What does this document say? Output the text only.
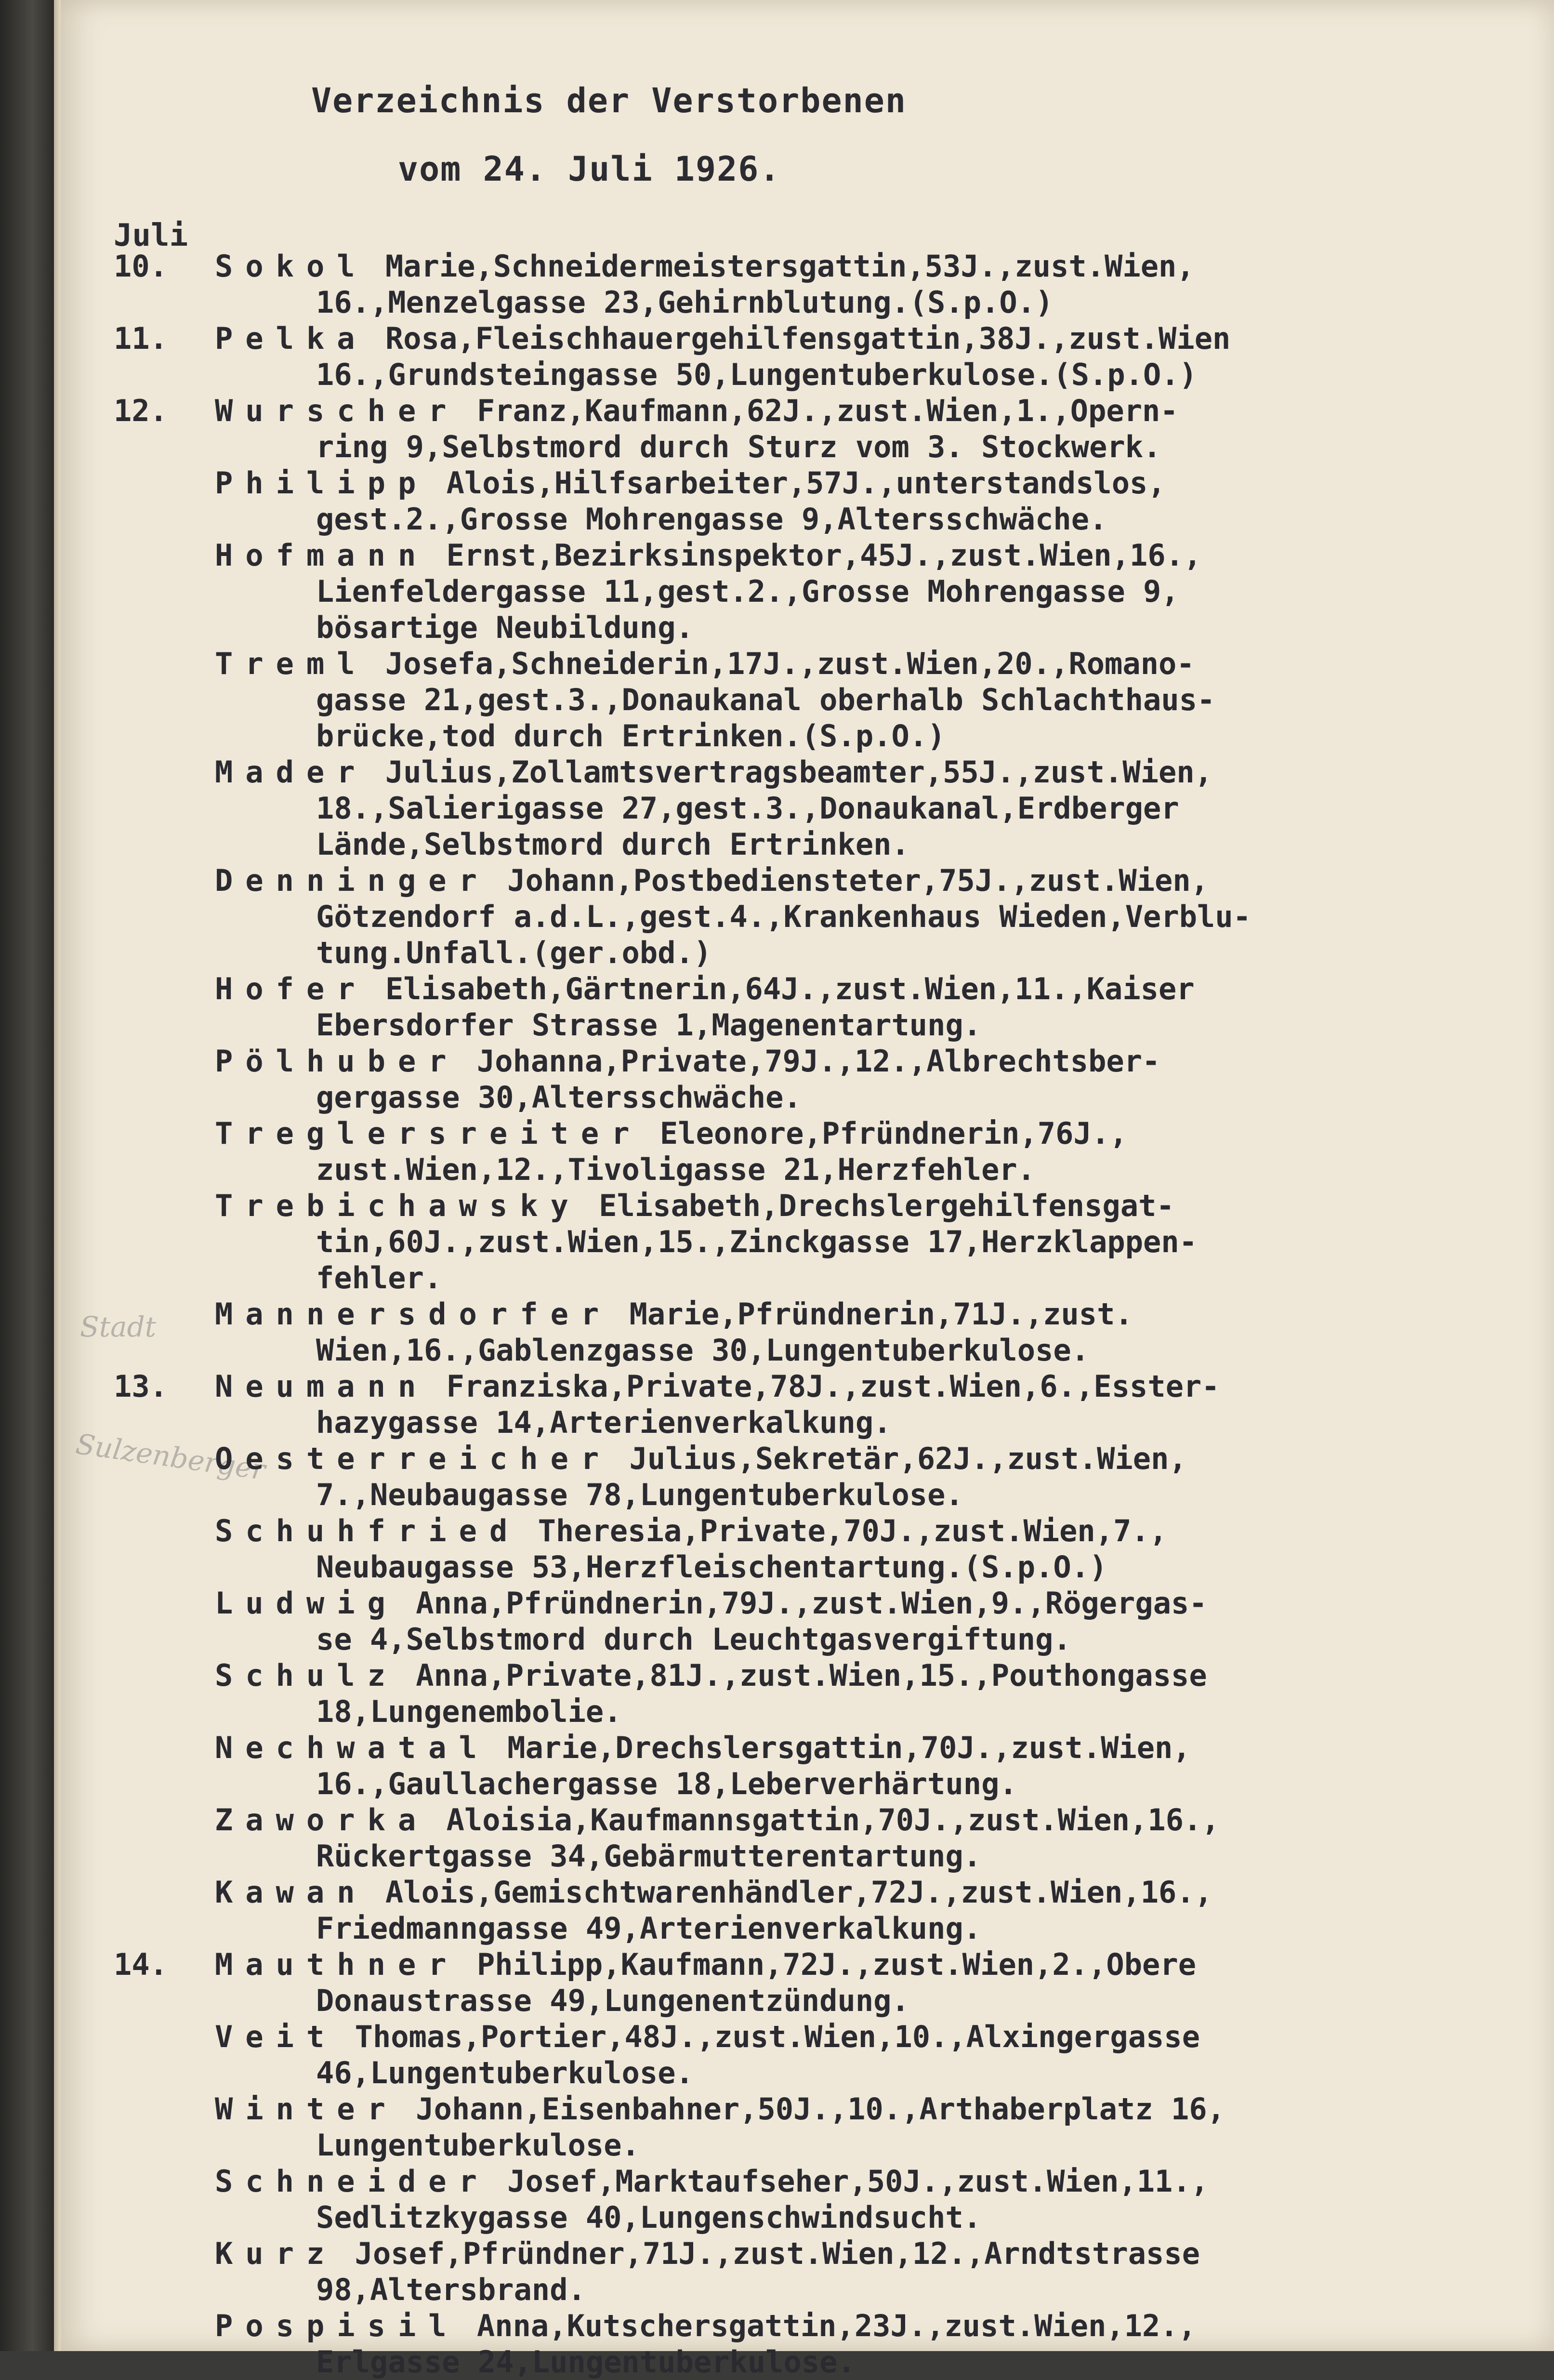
Verzeichnis der Verstorbenen
vom 24. Juli 1926.
Juli
Stadt
Sulzenberger
10.	Sokol Marie,Schneidermeistersgattin,53J.,zust.Wien,
16.,Menzelgasse 23,Gehirnblutung.(S.p.O.)
11.	Pelka Rosa,Fleischhauergehilfensgattin,38J.,zust.Wien
16.,Grundsteingasse 50,Lungentuberkulose.(S.p.O.)
12.	Wurscher Franz,Kaufmann,62J.,zust.Wien,1.,Opern-
ring 9,Selbstmord durch Sturz vom 3. Stockwerk.
Philipp Alois,Hilfsarbeiter,57J.,unterstandslos,
gest.2.,Grosse Mohrengasse 9,Altersschwäche.
Hofmann Ernst,Bezirksinspektor,45J.,zust.Wien,16.,
Lienfeldergasse 11,gest.2.,Grosse Mohrengasse 9,
bösartige Neubildung.
Treml Josefa,Schneiderin,17J.,zust.Wien,20.,Romano-
gasse 21,gest.3.,Donaukanal oberhalb Schlachthaus-
brücke,tod durch Ertrinken.(S.p.O.)
Mader Julius,Zollamtsvertragsbeamter,55J.,zust.Wien,
18.,Salierigasse 27,gest.3.,Donaukanal,Erdberger
Lände,Selbstmord durch Ertrinken.
Denninger Johann,Postbediensteter,75J.,zust.Wien,
Götzendorf a.d.L.,gest.4.,Krankenhaus Wieden,Verblu-
tung.Unfall.(ger.obd.)
Hofer Elisabeth,Gärtnerin,64J.,zust.Wien,11.,Kaiser
Ebersdorfer Strasse 1,Magenentartung.
Pölhuber Johanna,Private,79J.,12.,Albrechtsber-
gergasse 30,Altersschwäche.
Treglersreiter Eleonore,Pfründnerin,76J.,
zust.Wien,12.,Tivoligasse 21,Herzfehler.
Trebichawsky Elisabeth,Drechslergehilfensgat-
tin,60J.,zust.Wien,15.,Zinckgasse 17,Herzklappen-
fehler.
Mannersdorfer Marie,Pfründnerin,71J.,zust.
Wien,16.,Gablenzgasse 30,Lungentuberkulose.
13.	Neumann Franziska,Private,78J.,zust.Wien,6.,Esster-
hazygasse 14,Arterienverkalkung.
Oesterreicher Julius,Sekretär,62J.,zust.Wien,
7.,Neubaugasse 78,Lungentuberkulose.
Schuhfried Theresia,Private,70J.,zust.Wien,7.,
Neubaugasse 53,Herzfleischentartung.(S.p.O.)
Ludwig Anna,Pfründnerin,79J.,zust.Wien,9.,Rögergas-
se 4,Selbstmord durch Leuchtgasvergiftung.
Schulz Anna,Private,81J.,zust.Wien,15.,Pouthongasse
18,Lungenembolie.
Nechwatal Marie,Drechslersgattin,70J.,zust.Wien,
16.,Gaullachergasse 18,Leberverhärtung.
Zaworka Aloisia,Kaufmannsgattin,70J.,zust.Wien,16.,
Rückertgasse 34,Gebärmutterentartung.
Kawan Alois,Gemischtwarenhändler,72J.,zust.Wien,16.,
Friedmanngasse 49,Arterienverkalkung.
14.	Mauthner Philipp,Kaufmann,72J.,zust.Wien,2.,Obere
Donaustrasse 49,Lungenentzündung.
Veit Thomas,Portier,48J.,zust.Wien,10.,Alxingergasse
46,Lungentuberkulose.
Winter Johann,Eisenbahner,50J.,10.,Arthaberplatz 16,
Lungentuberkulose.
Schneider Josef,Marktaufseher,50J.,zust.Wien,11.,
Sedlitzkygasse 40,Lungenschwindsucht.
Kurz Josef,Pfründner,71J.,zust.Wien,12.,Arndtstrasse
98,Altersbrand.
Pospisil Anna,Kutschersgattin,23J.,zust.Wien,12.,
Erlgasse 24,Lungentuberkulose.
